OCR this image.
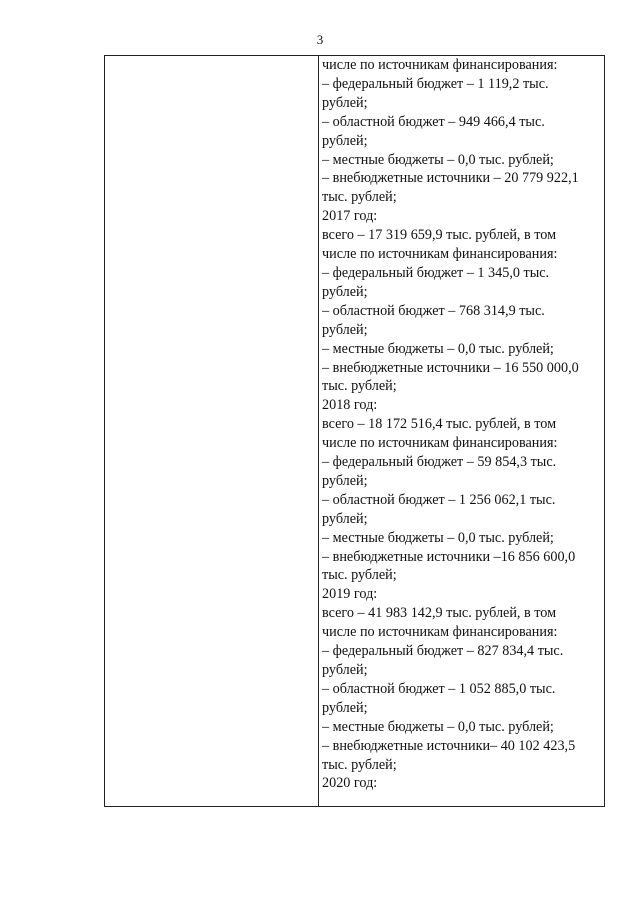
3
числе по источникам финансирования:
– федеральный бюджет – 1 119,2 тыс.
рублей;
– областной бюджет – 949 466,4 тыс.
рублей;
– местные бюджеты – 0,0 тыс. рублей;
– внебюджетные источники – 20 779 922,1
тыс. рублей;
2017 год:
всего – 17 319 659,9 тыс. рублей, в том
числе по источникам финансирования:
– федеральный бюджет – 1 345,0 тыс.
рублей;
– областной бюджет – 768 314,9 тыс.
рублей;
– местные бюджеты – 0,0 тыс. рублей;
– внебюджетные источники – 16 550 000,0
тыс. рублей;
2018 год:
всего – 18 172 516,4 тыс. рублей, в том
числе по источникам финансирования:
– федеральный бюджет – 59 854,3 тыс.
рублей;
– областной бюджет – 1 256 062,1 тыс.
рублей;
– местные бюджеты – 0,0 тыс. рублей;
– внебюджетные источники –16 856 600,0
тыс. рублей;
2019 год:
всего – 41 983 142,9 тыс. рублей, в том
числе по источникам финансирования:
– федеральный бюджет – 827 834,4 тыс.
рублей;
– областной бюджет – 1 052 885,0 тыс.
рублей;
– местные бюджеты – 0,0 тыс. рублей;
– внебюджетные источники– 40 102 423,5
тыс. рублей;
2020 год:
